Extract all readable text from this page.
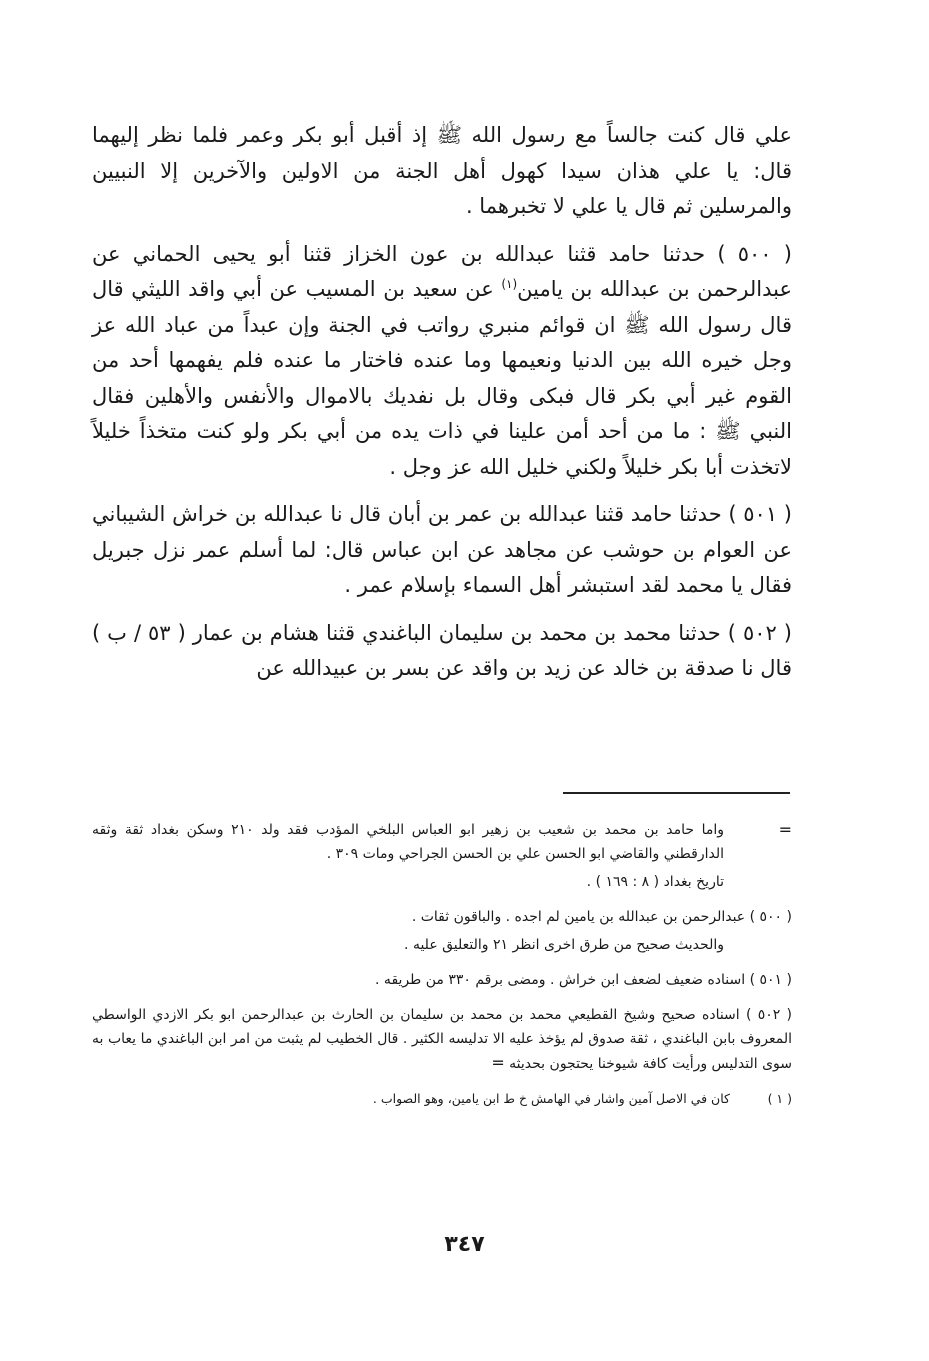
علي قال كنت جالساً مع رسول الله ﷺ إذ أقبل أبو بكر وعمر فلما نظر إليهما قال: يا علي هذان سيدا كهول أهل الجنة من الاولين والآخرين إلا النبيين والمرسلين ثم قال يا علي لا تخبرهما .

( ٥٠٠ ) حدثنا حامد قثنا عبدالله بن عون الخزاز قثنا أبو يحيى الحماني عن عبدالرحمن بن عبدالله بن يامين$^{(١)}$ عن سعيد بن المسيب عن أبي واقد الليثي قال قال رسول الله ﷺ ان قوائم منبري رواتب في الجنة وإن عبداً من عباد الله عز وجل خيره الله بين الدنيا ونعيمها وما عنده فاختار ما عنده فلم يفهمها أحد من القوم غير أبي بكر قال فبكى وقال بل نفديك بالاموال والأنفس والأهلين فقال النبي ﷺ : ما من أحد أمن علينا في ذات يده من أبي بكر ولو كنت متخذاً خليلاً لاتخذت أبا بكر خليلاً ولكني خليل الله عز وجل .

( ٥٠١ ) حدثنا حامد قثنا عبدالله بن عمر بن أبان قال نا عبدالله بن خراش الشيباني عن العوام بن حوشب عن مجاهد عن ابن عباس قال: لما أسلم عمر نزل جبريل فقال يا محمد لقد استبشر أهل السماء بإسلام عمر .

( ٥٠٢ ) حدثنا محمد بن محمد بن سليمان الباغندي قثنا هشام بن عمار ( ٥٣ / ب ) قال نا صدقة بن خالد عن زيد بن واقد عن بسر بن عبيدالله عن

=
واما حامد بن محمد بن شعيب بن زهير ابو العباس البلخي المؤدب فقد ولد ٢١٠ وسكن بغداد ثقة وثقه الدارقطني والقاضي ابو الحسن علي بن الحسن الجراحي ومات ٣٠٩ .
تاريخ بغداد ( ٨ : ١٦٩ ) .
( ٥٠٠ ) عبدالرحمن بن عبدالله بن يامين لم اجده . والباقون ثقات .
والحديث صحيح من طرق اخرى انظر ٢١ والتعليق عليه .
( ٥٠١ ) اسناده ضعيف لضعف ابن خراش . ومضى برقم ٣٣٠ من طريقه .
( ٥٠٢ ) اسناده صحيح وشيخ القطيعي محمد بن محمد بن سليمان بن الحارث بن عبدالرحمن ابو بكر الازدي الواسطي المعروف بابن الباغندي ، ثقة صدوق لم يؤخذ عليه الا تدليسه الكثير . قال الخطيب لم يثبت من امر ابن الباغندي ما يعاب به سوى التدليس ورأيت كافة شيوخنا يحتجون بحديثه =
( ١ ) كان في الاصل آمين واشار في الهامش خ ط ابن يامين، وهو الصواب .
٣٤٧
